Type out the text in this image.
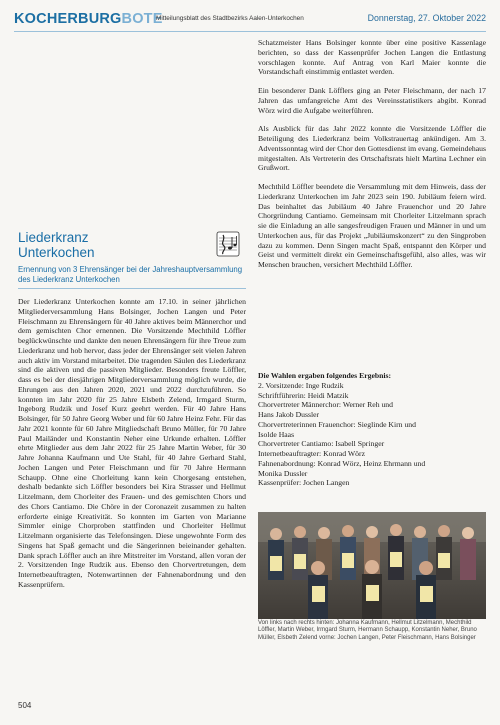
KOCHERBURGBOTE
Mitteilungsblatt des Stadtbezirks Aalen-Unterkochen	Donnerstag, 27. Oktober 2022

Schatzmeister Hans Bolsinger konnte über eine positive Kassenlage berichten, so dass der Kassenprüfer Jochen Langen die Entlastung vorschlagen konnte. Auf Antrag von Karl Maier konnte die Vorstandschaft einstimmig entlastet werden.

Ein besonderer Dank Löfflers ging an Peter Fleischmann, der nach 17 Jahren das umfangreiche Amt des Vereinsstatistikers abgibt. Konrad Wörz wird die Aufgabe weiterführen.

Als Ausblick für das Jahr 2022 konnte die Vorsitzende Löffler die Beteiligung des Liederkranz beim Volkstrauertag ankündigen. Am 3. Adventssonntag wird der Chor den Gottesdienst im evang. Gemeindehaus mitgestalten. Als Vertreterin des Ortschaftsrats hielt Martina Lechner ein Grußwort.

Mechthild Löffler beendete die Versammlung mit dem Hinweis, dass der Liederkranz Unterkochen im Jahr 2023 sein 190. Jubiläum feiern wird. Das beinhaltet das Jubiläum 40 Jahre Frauenchor und 20 Jahre Chorgründung Cantiamo. Gemeinsam mit Chorleiter Litzelmann sprach sie die Einladung an alle sangesfreudigen Frauen und Männer in und um Unterkochen aus, für das Projekt „Jubiläumskonzert“ zu den Singproben dazu zu kommen. Denn Singen macht Spaß, entspannt den Körper und Geist und vermittelt direkt ein Gemeinschaftsgefühl, also alles, was wir Menschen brauchen, versichert Mechthild Löffler.

Liederkranz
Unterkochen
Ernennung von 3 Ehrensänger bei der Jahreshauptversammlung des Liederkranz Unterkochen

Der Liederkranz Unterkochen konnte am 17.10. in seiner jährlichen Mitgliederversammlung Hans Bolsinger, Jochen Langen und Peter Fleischmann zu Ehrensängern für 40 Jahre aktives beim Männerchor und dem gemischten Chor ernennen. Die Vorsitzende Mechthild Löffler beglückwünschte und dankte den neuen Ehrensängern für ihre Treue zum Liederkranz und hob hervor, dass jeder der Ehrensänger seit vielen Jahren auch aktiv im Vorstand mitarbeitet. Die tragenden Säulen des Liederkranz sind die aktiven und die passiven Mitglieder. Besonders freute Löffler, dass es bei der diesjährigen Mitgliederversammlung möglich wurde, die Ehrungen aus den Jahren 2020, 2021 und 2022 durchzuführen. So konnten im Jahr 2020 für 25 Jahre Elsbeth Zelend, Irmgard Sturm, Ingeborg Rudzik und Josef Kurz geehrt werden. Für 40 Jahre Hans Bolsinger, für 50 Jahre Georg Weber und für 60 Jahre Heinz Fehr. Für das Jahr 2021 konnte für 60 Jahre Mitgliedschaft Bruno Müller, für 70 Jahre Paul Mailänder und Konstantin Neher eine Urkunde erhalten. Löffler ehrte Mitglieder aus dem Jahr 2022 für 25 Jahre Martin Weber, für 30 Jahre Johanna Kaufmann und Ute Stahl, für 40 Jahre Gerhard Stahl, Jochen Langen und Peter Fleischmann und für 70 Jahre Hermann Schaupp. Ohne eine Chorleitung kann kein Chorgesang entstehen, deshalb bedankte sich Löffler besonders bei Kira Strasser und Hellmut Litzelmann, dem Chorleiter des Frauen- und des gemischten Chors und des Chors Cantiamo. Die Chöre in der Coronazeit zusammen zu halten erforderte einige Kreativität. So konnten im Garten von Marianne Simmler einige Chorproben stattfinden und Chorleiter Hellmut Litzelmann organisierte das Telefonsingen. Diese ungewohnte Form des Singens hat Spaß gemacht und die Sängerinnen beieinander gehalten. Dank sprach Löffler auch an ihre Mitstreiter im Vorstand, allen voran der 2. Vorsitzenden Inge Rudzik aus. Ebenso den Chorvertretungen, dem Internetbeauftragten, Notenwartinnen der Fahnenabordnung und den Kassenprüfern.

Die Wahlen ergaben folgendes Ergebnis:
2. Vorsitzende: Inge Rudzik
Schriftführerin: Heidi Matzik
Chorvertreter Männerchor: Werner Reh und
Hans Jakob Dussler
Chorvertreterinnen Frauenchor: Sieglinde Kirn und
Isolde Haas
Chorvertreter Cantiamo: Isabell Springer
Internetbeauftragter: Konrad Wörz
Fahnenabordnung: Konrad Wörz, Heinz Ehrmann und
Monika Dussler
Kassenprüfer: Jochen Langen
Von links nach rechts hinten: Johanna Kaufmann, Hellmut Litzelmann, Mechthild Löffler, Martin Weber, Irmgard Sturm, Hermann Schaupp, Konstantin Neher, Bruno Müller, Elsbeth Zelend vorne: Jochen Langen, Peter Fleischmann, Hans Bolsinger
504
